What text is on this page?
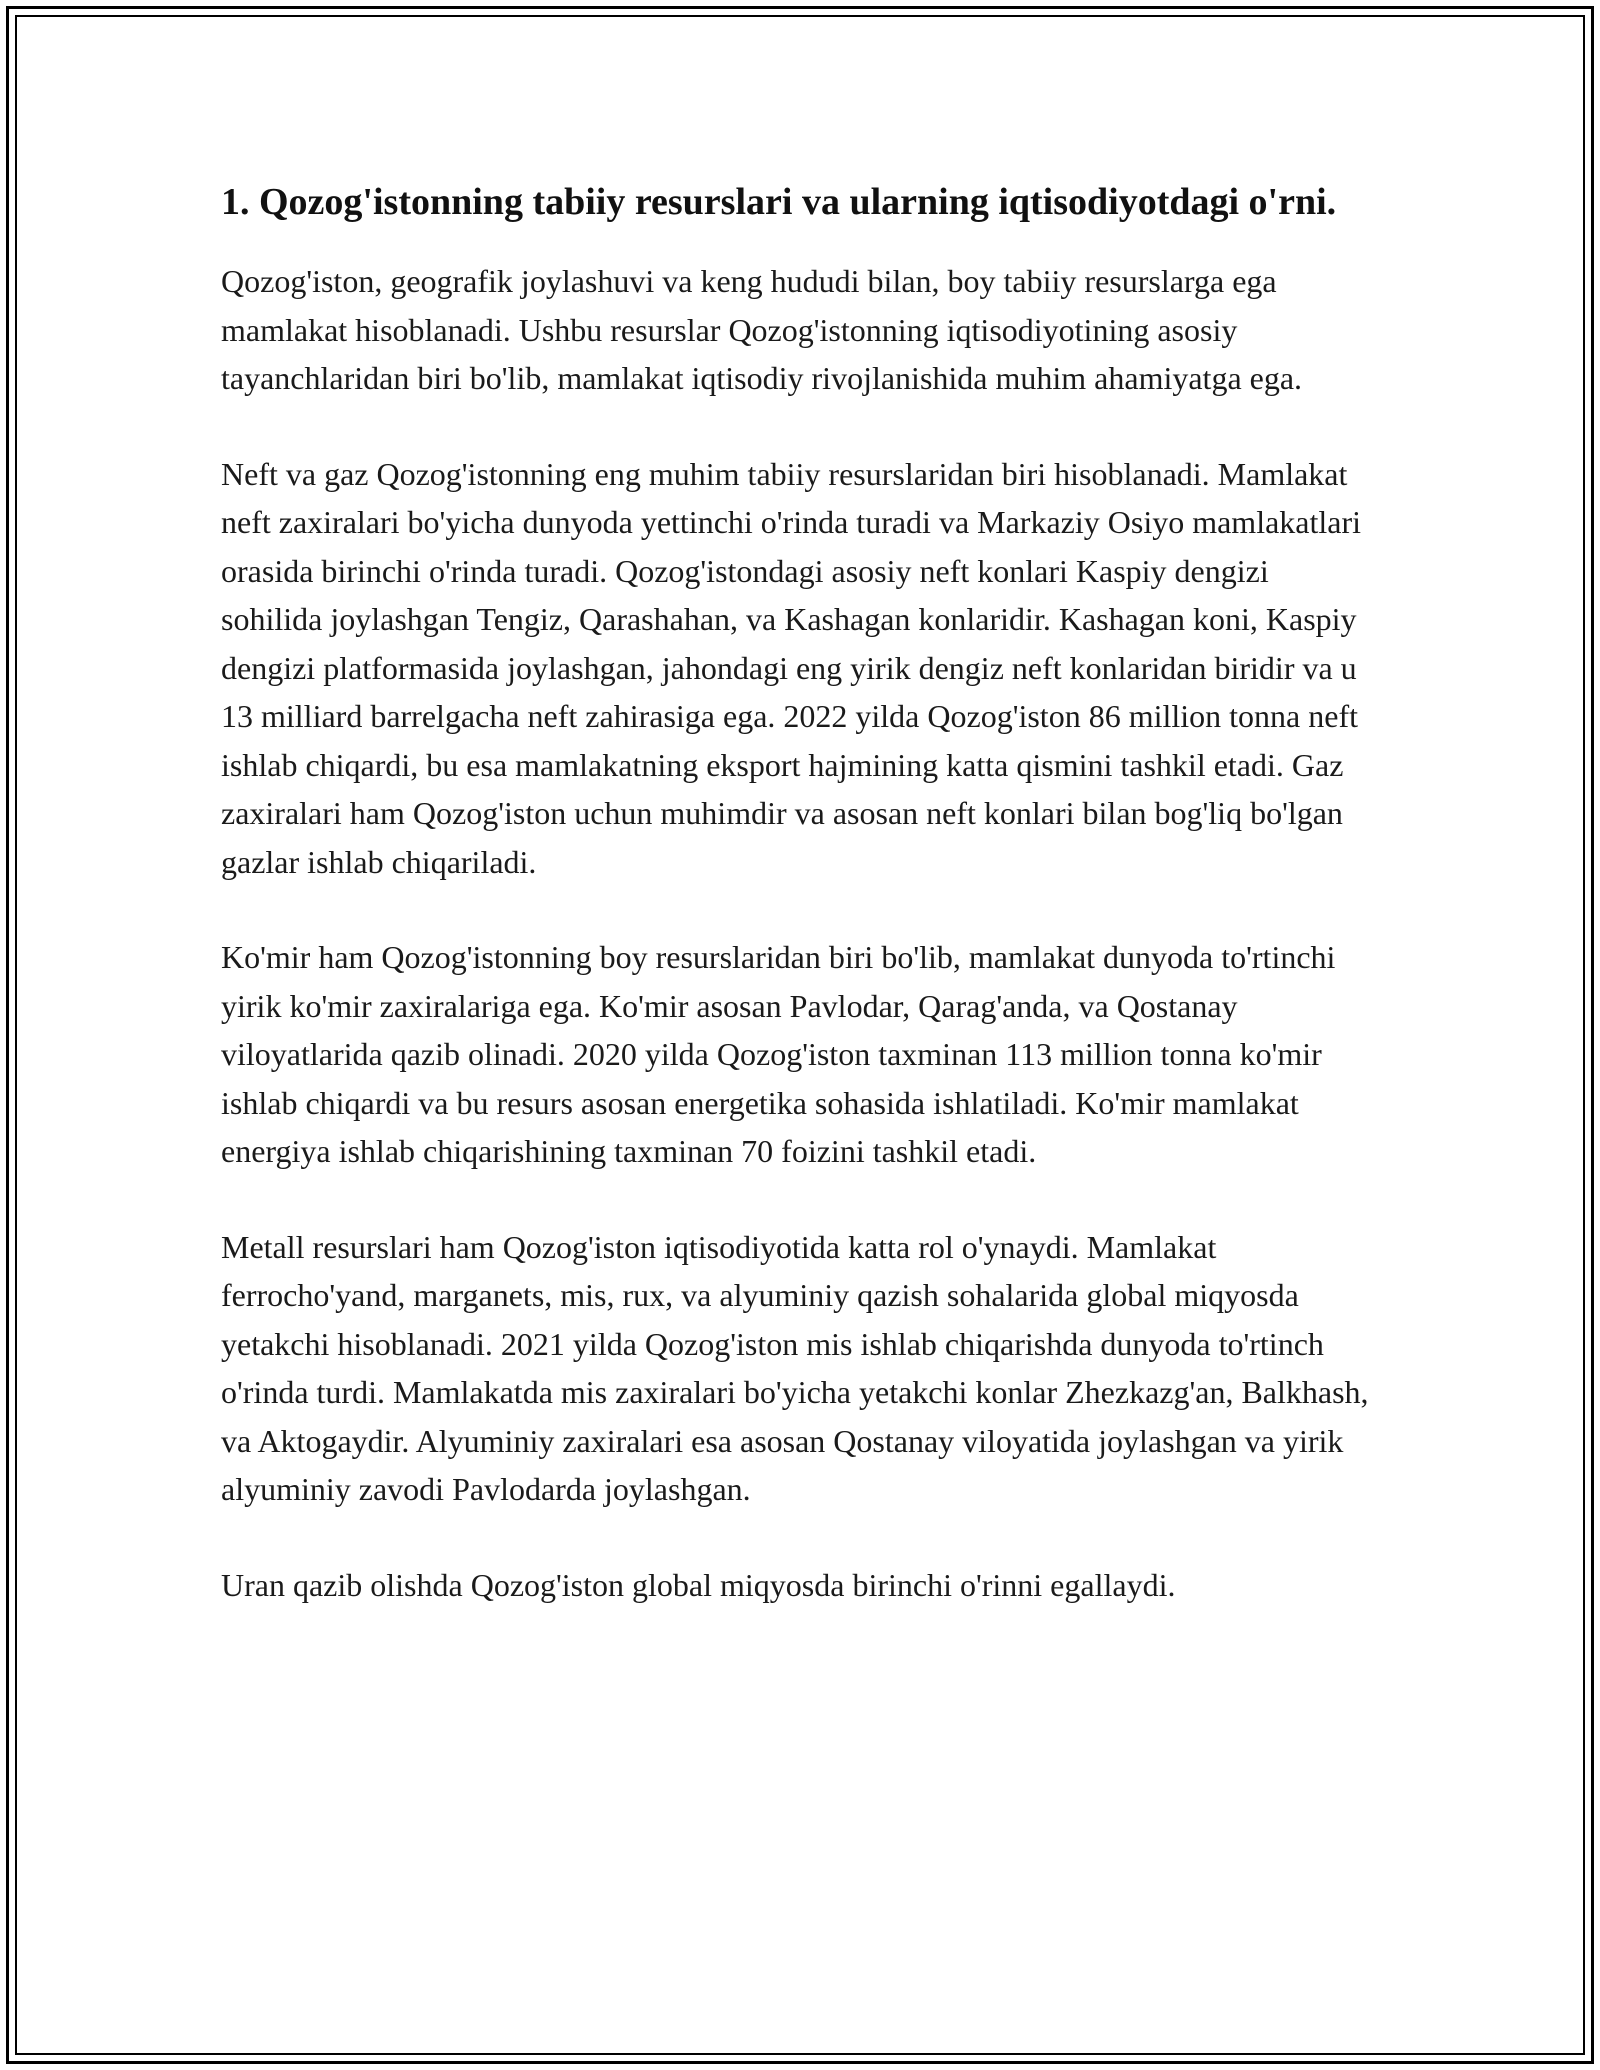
1. Qozog'istonning tabiiy resurslari va ularning iqtisodiyotdagi o'rni.

Qozog'iston, geografik joylashuvi va keng hududi bilan, boy tabiiy resurslarga ega mamlakat hisoblanadi. Ushbu resurslar Qozog'istonning iqtisodiyotining asosiy tayanchlaridan biri bo'lib, mamlakat iqtisodiy rivojlanishida muhim ahamiyatga ega.

Neft va gaz Qozog'istonning eng muhim tabiiy resurslaridan biri hisoblanadi. Mamlakat neft zaxiralari bo'yicha dunyoda yettinchi o'rinda turadi va Markaziy Osiyo mamlakatlari orasida birinchi o'rinda turadi. Qozog'istondagi asosiy neft konlari Kaspiy dengizi sohilida joylashgan Tengiz, Qarashahan, va Kashagan konlaridir. Kashagan koni, Kaspiy dengizi platformasida joylashgan, jahondagi eng yirik dengiz neft konlaridan biridir va u 13 milliard barrelgacha neft zahirasiga ega. 2022 yilda Qozog'iston 86 million tonna neft ishlab chiqardi, bu esa mamlakatning eksport hajmining katta qismini tashkil etadi. Gaz zaxiralari ham Qozog'iston uchun muhimdir va asosan neft konlari bilan bog'liq bo'lgan gazlar ishlab chiqariladi.

Ko'mir ham Qozog'istonning boy resurslaridan biri bo'lib, mamlakat dunyoda to'rtinchi yirik ko'mir zaxiralariga ega. Ko'mir asosan Pavlodar, Qarag'anda, va Qostanay viloyatlarida qazib olinadi. 2020 yilda Qozog'iston taxminan 113 million tonna ko'mir ishlab chiqardi va bu resurs asosan energetika sohasida ishlatiladi. Ko'mir mamlakat energiya ishlab chiqarishining taxminan 70 foizini tashkil etadi.

Metall resurslari ham Qozog'iston iqtisodiyotida katta rol o'ynaydi. Mamlakat ferrocho'yand, marganets, mis, rux, va alyuminiy qazish sohalarida global miqyosda yetakchi hisoblanadi. 2021 yilda Qozog'iston mis ishlab chiqarishda dunyoda to'rtinch o'rinda turdi. Mamlakatda mis zaxiralari bo'yicha yetakchi konlar Zhezkazg'an, Balkhash, va Aktogaydir. Alyuminiy zaxiralari esa asosan Qostanay viloyatida joylashgan va yirik alyuminiy zavodi Pavlodarda joylashgan.

Uran qazib olishda Qozog'iston global miqyosda birinchi o'rinni egallaydi.
